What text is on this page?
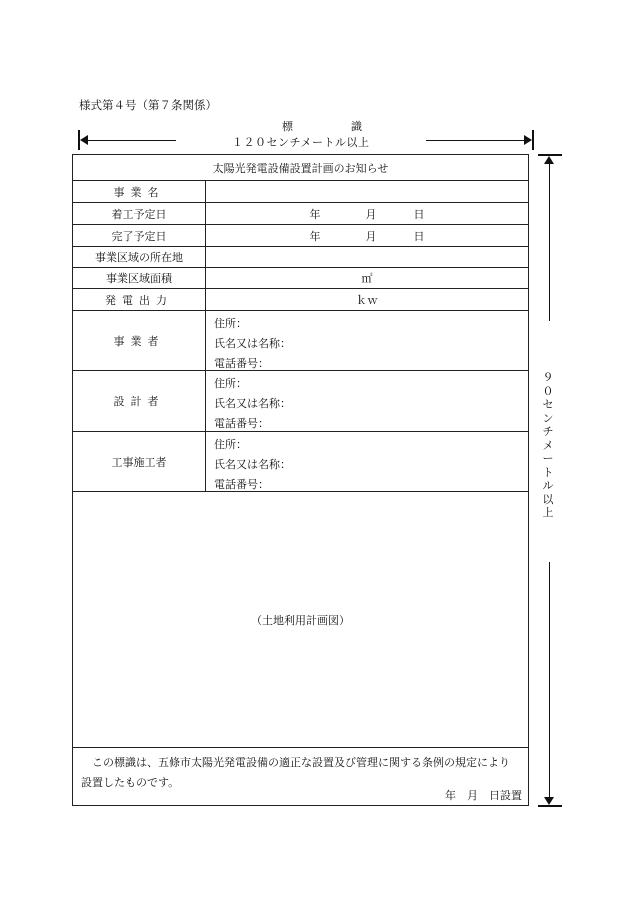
様式第４号（第７条関係）
標	識
１２０センチメートル以上
９０センチメートル以上
太陽光発電設備設置計画のお知らせ
事業名
着工予定日	年	月	日
完了予定日	年	月	日
事業区域の所在地
事業区域面積	㎡
発電出力	ｋｗ
事業者
住所：
氏名又は名称：
電話番号：
設計者
住所：
氏名又は名称：
電話番号：
工事施工者
住所：
氏名又は名称：
電話番号：
（土地利用計画図）
この標識は、五條市太陽光発電設備の適正な設置及び管理に関する条例の規定により設置したものです。
年　月　日設置
